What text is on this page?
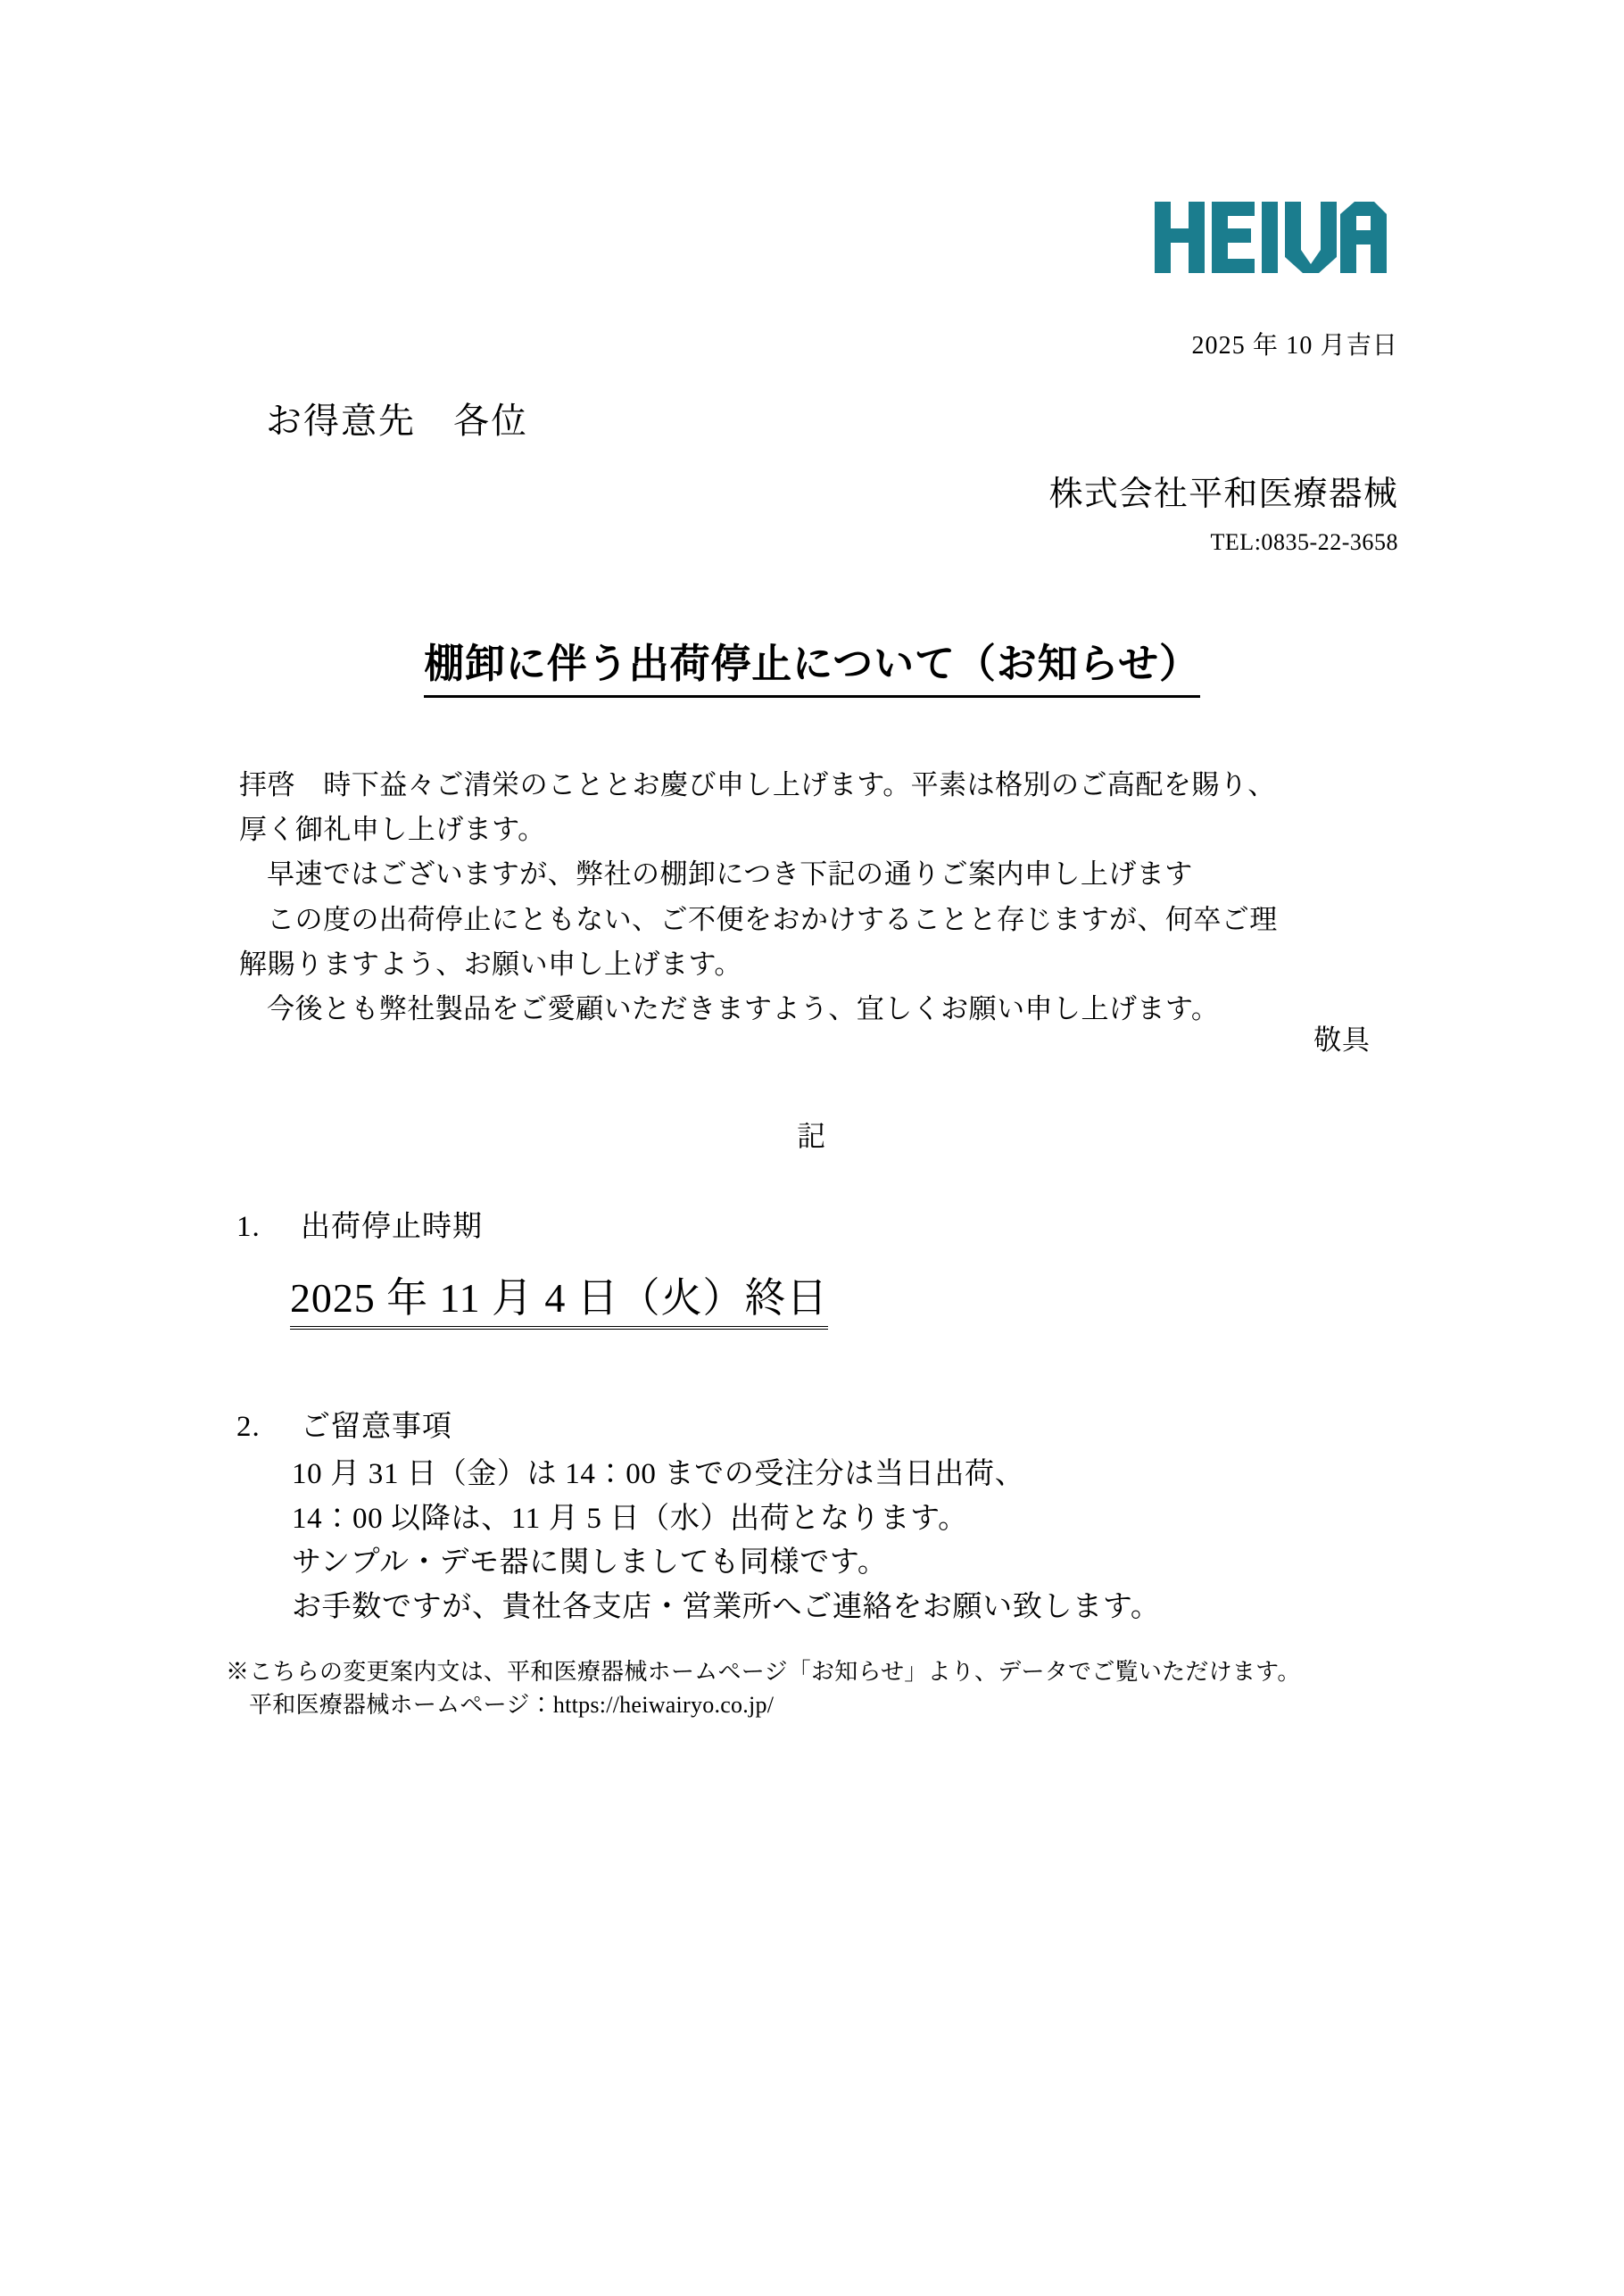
2025 年 10 月吉日
お得意先　各位
株式会社平和医療器械
TEL:0835-22-3658
棚卸に伴う出荷停止について（お知らせ）

拝啓　時下益々ご清栄のこととお慶び申し上げます。平素は格別のご高配を賜り、

厚く御礼申し上げます。

早速ではございますが、弊社の棚卸につき下記の通りご案内申し上げます

この度の出荷停止にともない、ご不便をおかけすることと存じますが、何卒ご理

解賜りますよう、お願い申し上げます。

今後とも弊社製品をご愛顧いただきますよう、宜しくお願い申し上げます。

敬具
記
1. 出荷停止時期
2025 年 11 月 4 日（火）終日
2. ご留意事項
10 月 31 日（金）は 14：00 までの受注分は当日出荷、
14：00 以降は、11 月 5 日（水）出荷となります。
サンプル・デモ器に関しましても同様です。
お手数ですが、貴社各支店・営業所へご連絡をお願い致します。
※こちらの変更案内文は、平和医療器械ホームページ「お知らせ」より、データでご覧いただけます。
平和医療器械ホームページ：https://heiwairyo.co.jp/
